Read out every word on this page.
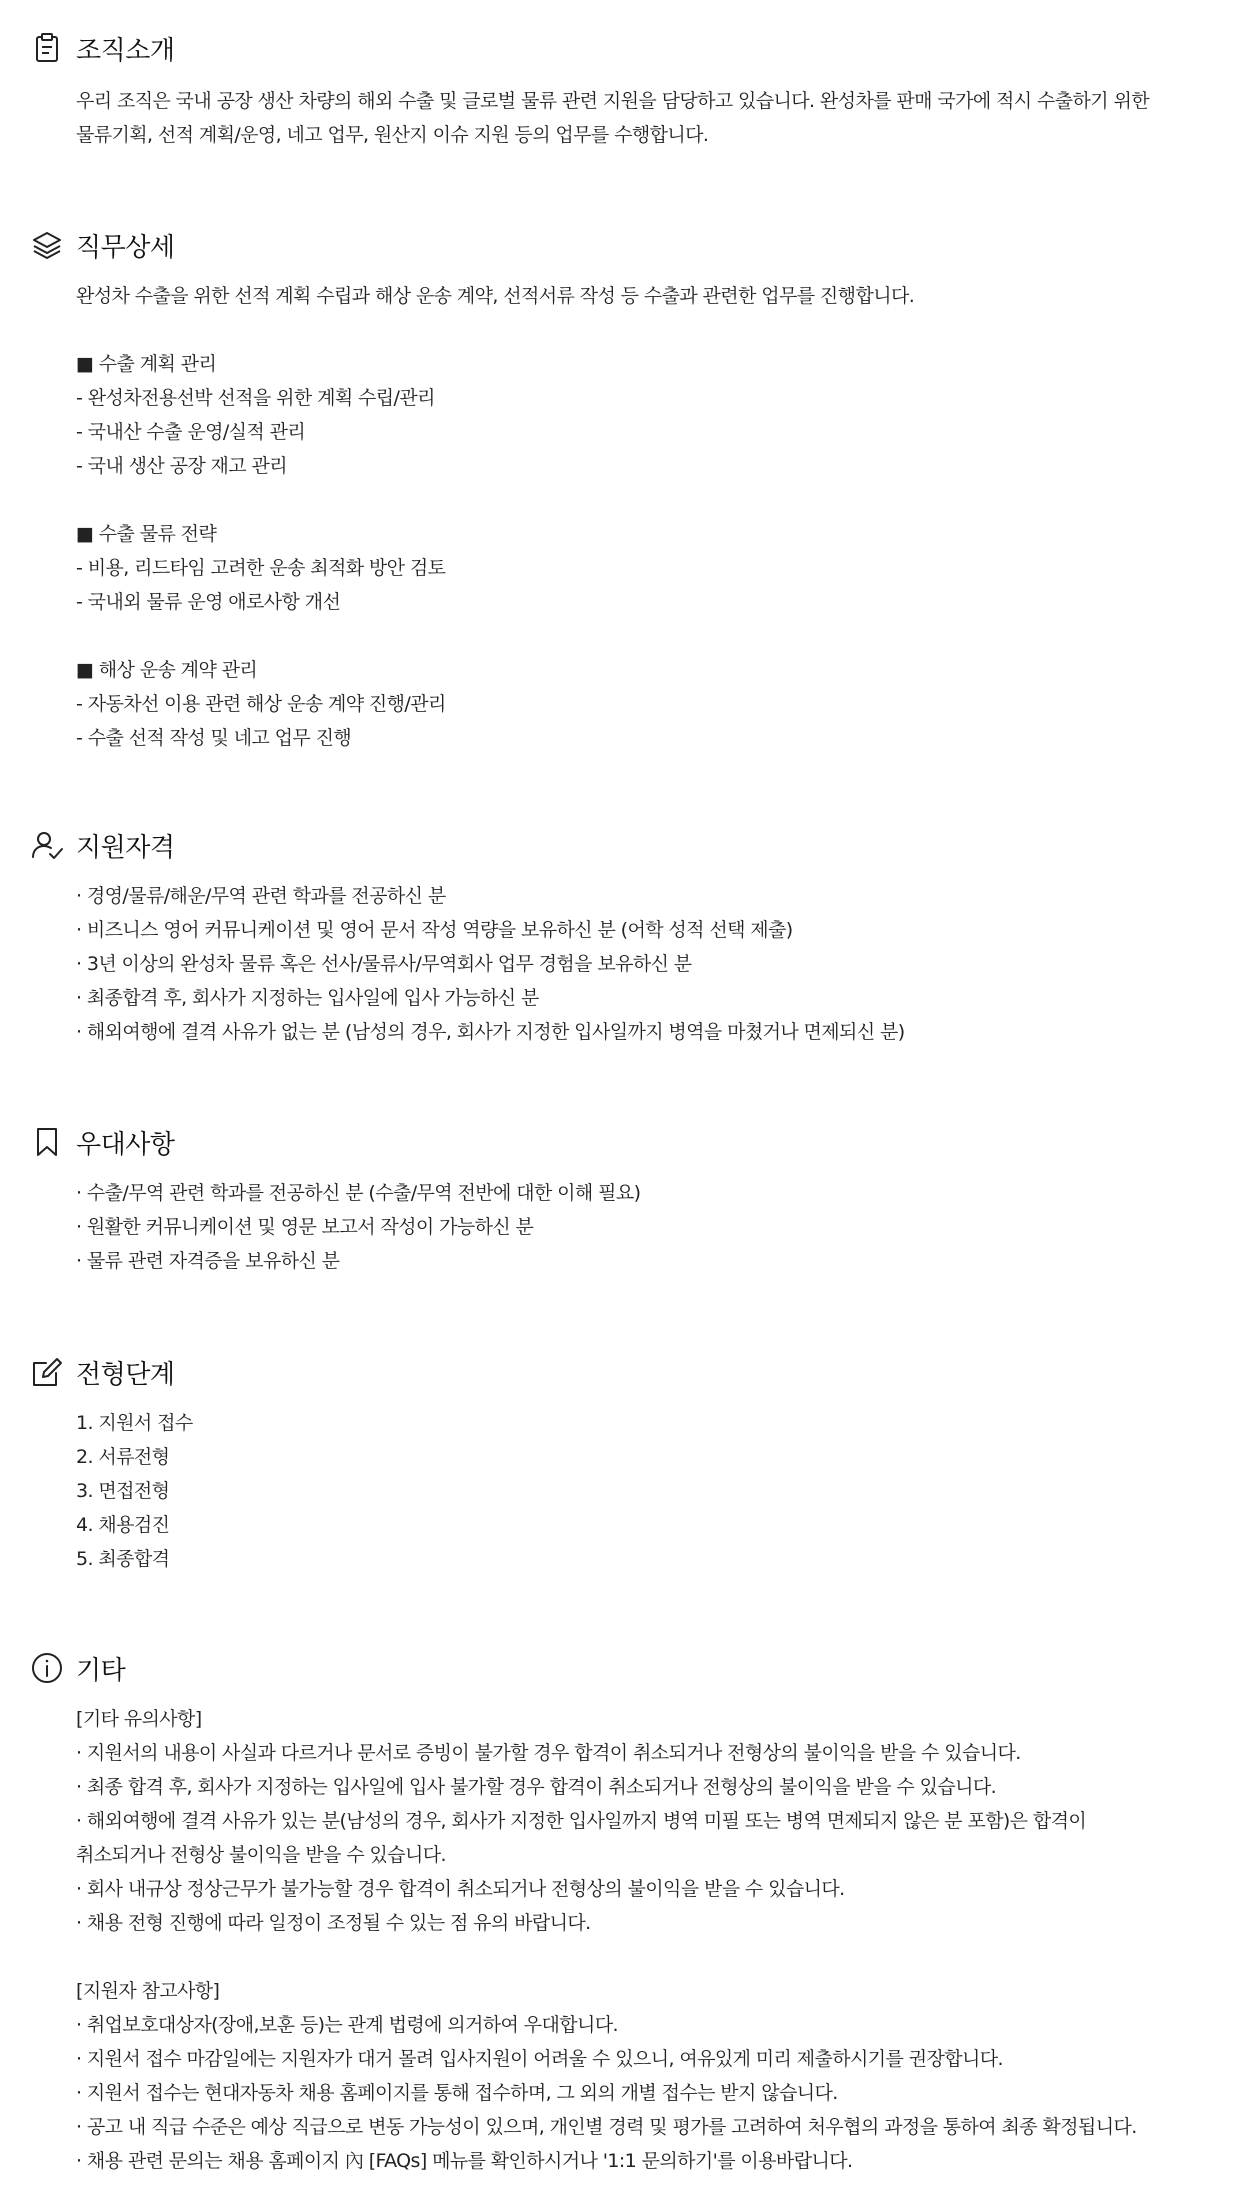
조직소개
우리 조직은 국내 공장 생산 차량의 해외 수출 및 글로벌 물류 관련 지원을 담당하고 있습니다. 완성차를 판매 국가에 적시 수출하기 위한
물류기획, 선적 계획/운영, 네고 업무, 원산지 이슈 지원 등의 업무를 수행합니다.
직무상세
완성차 수출을 위한 선적 계획 수립과 해상 운송 계약, 선적서류 작성 등 수출과 관련한 업무를 진행합니다.
■ 수출 계획 관리
- 완성차전용선박 선적을 위한 계획 수립/관리
- 국내산 수출 운영/실적 관리
- 국내 생산 공장 재고 관리
■ 수출 물류 전략
- 비용, 리드타임 고려한 운송 최적화 방안 검토
- 국내외 물류 운영 애로사항 개선
■ 해상 운송 계약 관리
- 자동차선 이용 관련 해상 운송 계약 진행/관리
- 수출 선적 작성 및 네고 업무 진행
지원자격
· 경영/물류/해운/무역 관련 학과를 전공하신 분
· 비즈니스 영어 커뮤니케이션 및 영어 문서 작성 역량을 보유하신 분 (어학 성적 선택 제출)
· 3년 이상의 완성차 물류 혹은 선사/물류사/무역회사 업무 경험을 보유하신 분
· 최종합격 후, 회사가 지정하는 입사일에 입사 가능하신 분
· 해외여행에 결격 사유가 없는 분 (남성의 경우, 회사가 지정한 입사일까지 병역을 마쳤거나 면제되신 분)
우대사항
· 수출/무역 관련 학과를 전공하신 분 (수출/무역 전반에 대한 이해 필요)
· 원활한 커뮤니케이션 및 영문 보고서 작성이 가능하신 분
· 물류 관련 자격증을 보유하신 분
전형단계
1. 지원서 접수
2. 서류전형
3. 면접전형
4. 채용검진
5. 최종합격
기타
[기타 유의사항]
· 지원서의 내용이 사실과 다르거나 문서로 증빙이 불가할 경우 합격이 취소되거나 전형상의 불이익을 받을 수 있습니다.
· 최종 합격 후, 회사가 지정하는 입사일에 입사 불가할 경우 합격이 취소되거나 전형상의 불이익을 받을 수 있습니다.
· 해외여행에 결격 사유가 있는 분(남성의 경우, 회사가 지정한 입사일까지 병역 미필 또는 병역 면제되지 않은 분 포함)은 합격이
취소되거나 전형상 불이익을 받을 수 있습니다.
· 회사 내규상 정상근무가 불가능할 경우 합격이 취소되거나 전형상의 불이익을 받을 수 있습니다.
· 채용 전형 진행에 따라 일정이 조정될 수 있는 점 유의 바랍니다.
[지원자 참고사항]
· 취업보호대상자(장애,보훈 등)는 관계 법령에 의거하여 우대합니다.
· 지원서 접수 마감일에는 지원자가 대거 몰려 입사지원이 어려울 수 있으니, 여유있게 미리 제출하시기를 권장합니다.
· 지원서 접수는 현대자동차 채용 홈페이지를 통해 접수하며, 그 외의 개별 접수는 받지 않습니다.
· 공고 내 직급 수준은 예상 직급으로 변동 가능성이 있으며, 개인별 경력 및 평가를 고려하여 처우협의 과정을 통하여 최종 확정됩니다.
· 채용 관련 문의는 채용 홈페이지 內 [FAQs] 메뉴를 확인하시거나 '1:1 문의하기'를 이용바랍니다.
